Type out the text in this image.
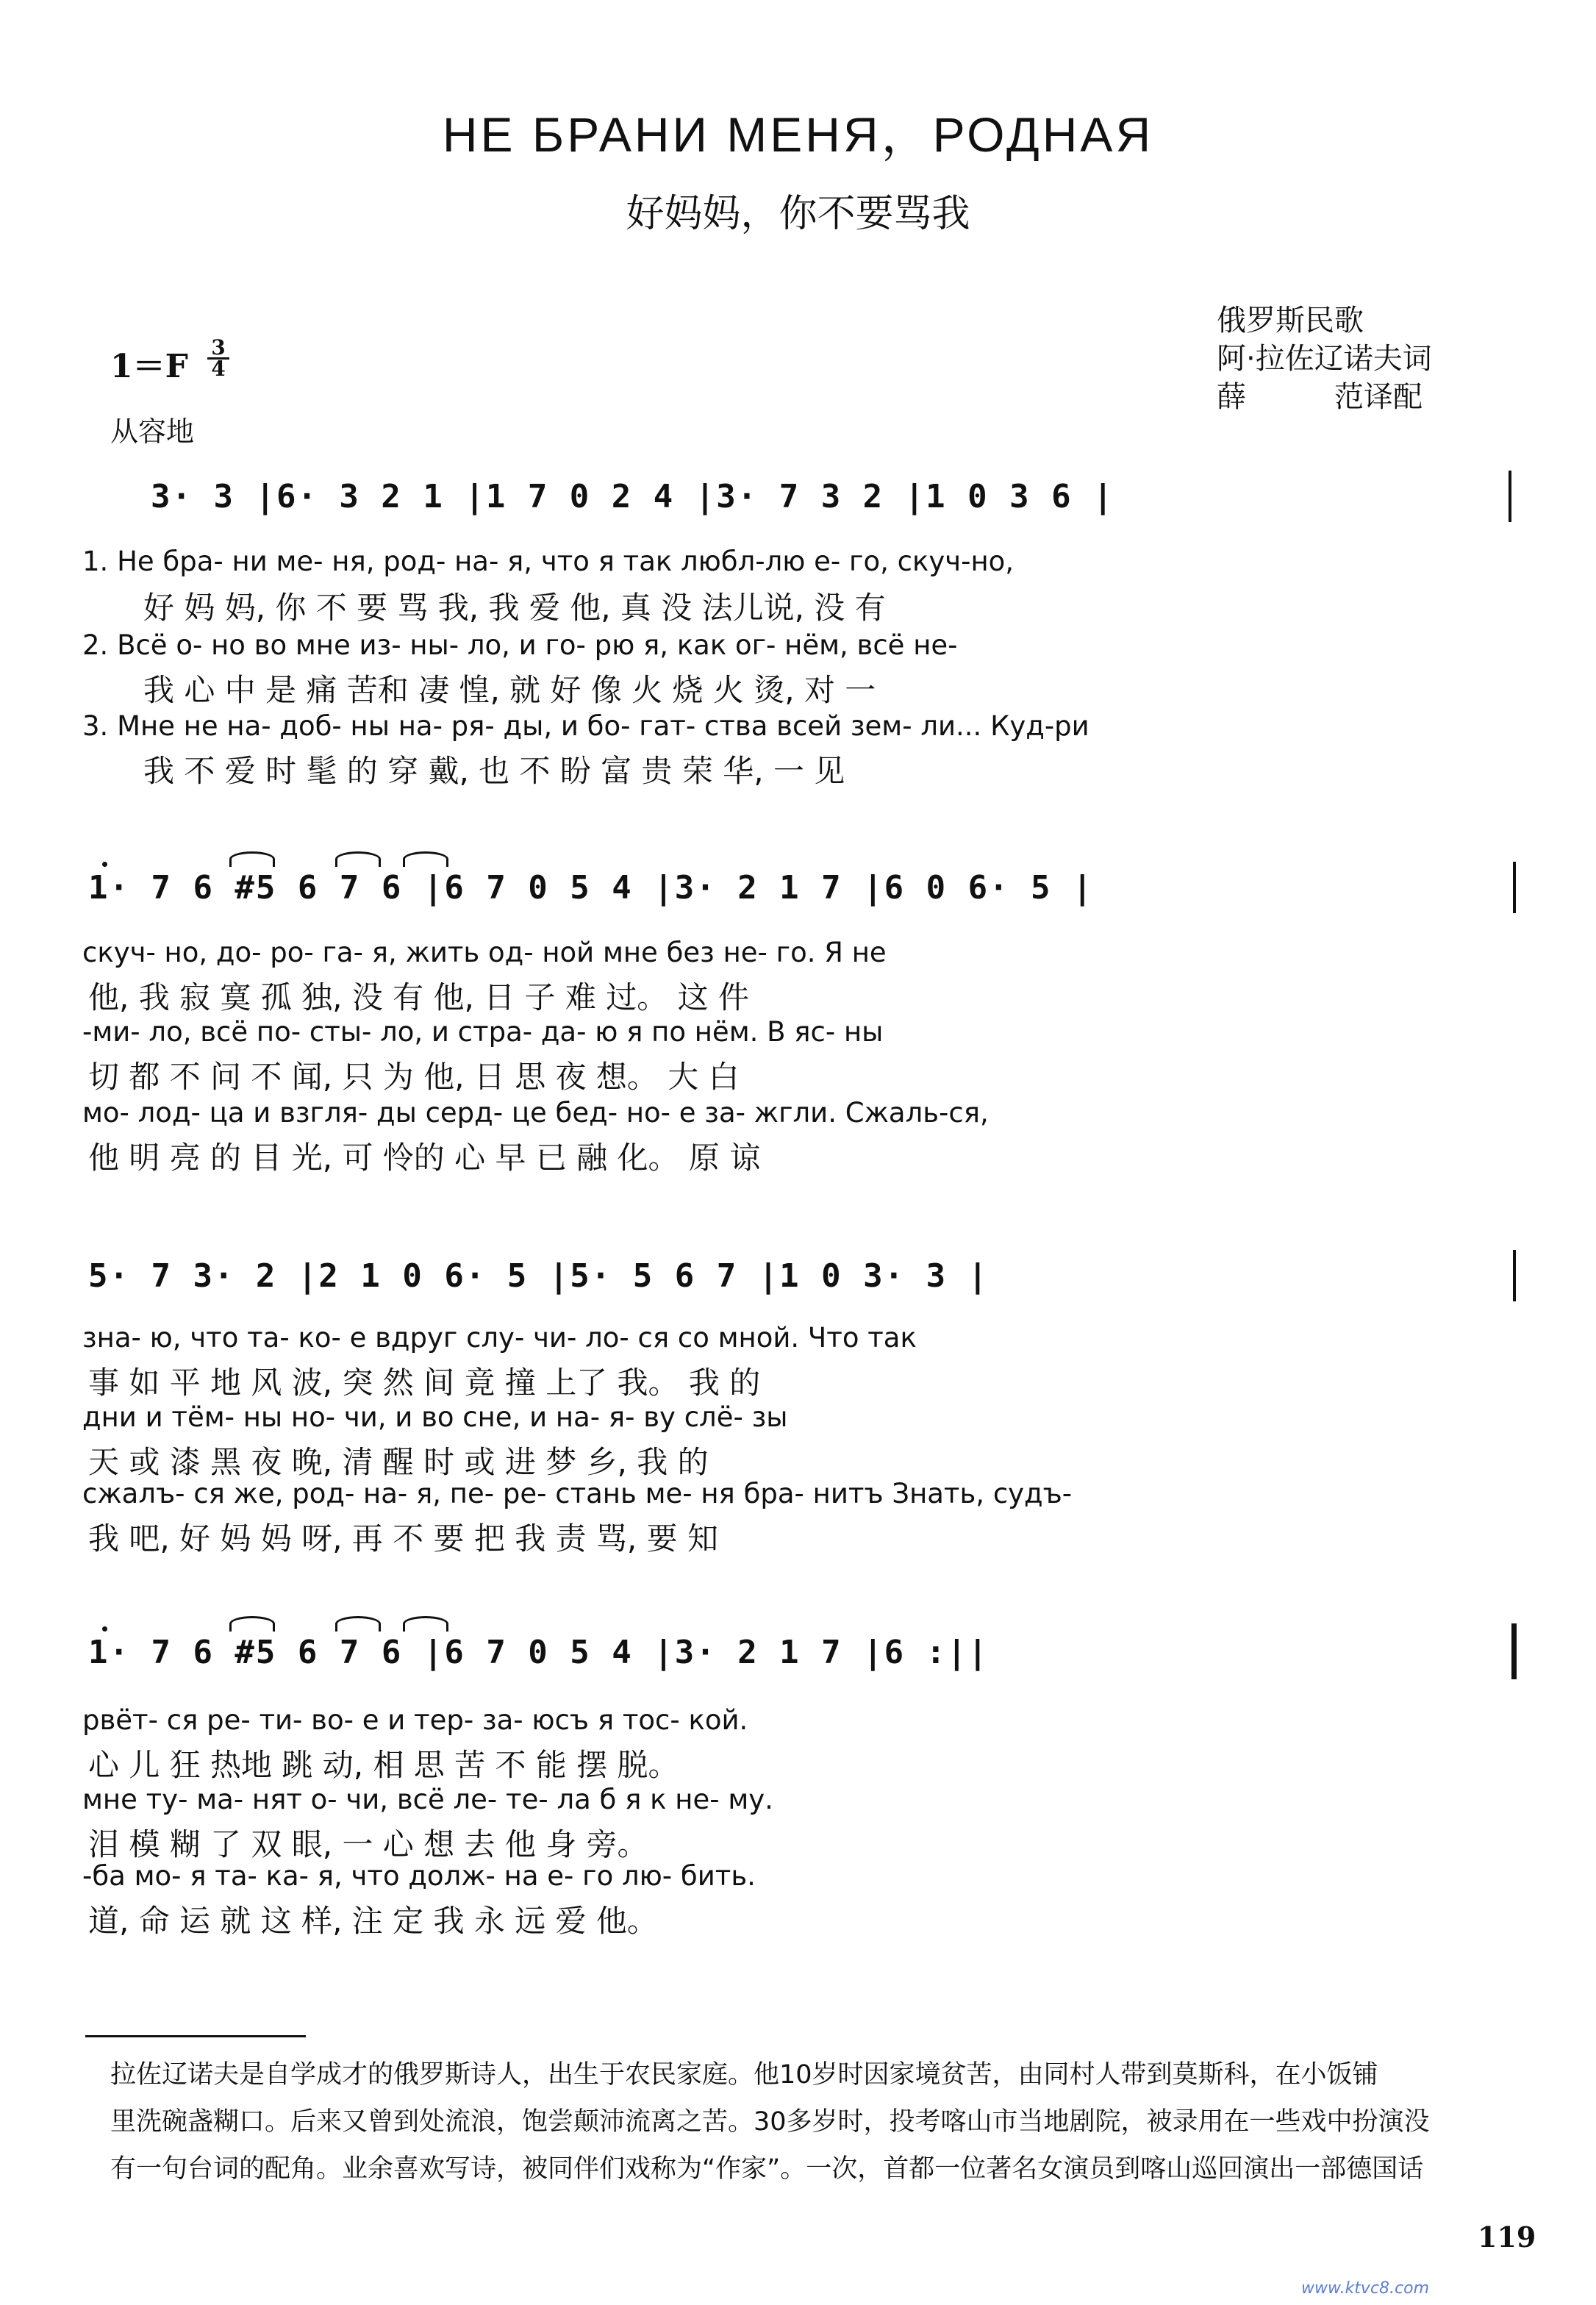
НЕ БРАНИ МЕНЯ，РОДНАЯ
好妈妈，你不要骂我
俄罗斯民歌
阿·拉佐辽诺夫词
薛　　　范译配
1＝F
3
4
从容地
3· 3 |6· 3 2 1 |1 7 0 2 4 |3· 7 3 2 |1 0 3 6 |
1. Не бра- ни ме- ня, род- на- я, что я так любл-лю е- го, скуч-но,
好 妈 妈, 你 不 要 骂 我, 我 爱 他, 真 没 法儿说, 没 有
2. Всё о- но во мне из- ны- ло, и го- рю я, как ог- нём, всё не-
我 心 中 是 痛 苦和 凄 惶, 就 好 像 火 烧 火 烫, 对 一
3. Мне не на- доб- ны на- ря- ды, и бо- гат- ства всей зем- ли... Куд-ри
我 不 爱 时 髦 的 穿 戴, 也 不 盼 富 贵 荣 华, 一 见
1· 7 6 #5 6 7 6 |6 7 0 5 4 |3· 2 1 7 |6 0 6· 5 |
скуч- но, до- ро- га- я, жить од- ной мне без не- го. Я не
他, 我 寂 寞 孤 独, 没 有 他, 日 子 难 过。 这 件
-ми- ло, всё по- сты- ло, и стра- да- ю я по нём. В яс- ны
切 都 不 问 不 闻, 只 为 他, 日 思 夜 想。 大 白
мо- лод- ца и взгля- ды серд- це бед- но- е за- жгли. Сжаль-ся,
他 明 亮 的 目 光, 可 怜的 心 早 已 融 化。 原 谅
5· 7 3· 2 |2 1 0 6· 5 |5· 5 6 7 |1 0 3· 3 |
зна- ю, что та- ко- е вдруг слу- чи- ло- ся со мной. Что так
事 如 平 地 风 波, 突 然 间 竟 撞 上了 我。 我 的
дни и тём- ны но- чи, и во сне, и на- я- ву слё- зы
天 或 漆 黑 夜 晚, 清 醒 时 或 进 梦 乡, 我 的
сжалъ- ся же, род- на- я, пе- ре- стань ме- ня бра- нитъ Знать, судъ-
我 吧, 好 妈 妈 呀, 再 不 要 把 我 责 骂, 要 知
1· 7 6 #5 6 7 6 |6 7 0 5 4 |3· 2 1 7 |6 :||
рвёт- ся ре- ти- во- е и тер- за- юсъ я тос- кой.
心 儿 狂 热地 跳 动, 相 思 苦 不 能 摆 脱。
мне ту- ма- нят о- чи, всё ле- те- ла б я к не- му.
泪 模 糊 了 双 眼, 一 心 想 去 他 身 旁。
-ба мо- я та- ка- я, что долж- на е- го лю- бить.
道, 命 运 就 这 样, 注 定 我 永 远 爱 他。

拉佐辽诺夫是自学成才的俄罗斯诗人，出生于农民家庭。他10岁时因家境贫苦，由同村人带到莫斯科，在小饭铺

里洗碗盏糊口。后来又曾到处流浪，饱尝颠沛流离之苦。30多岁时，投考喀山市当地剧院，被录用在一些戏中扮演没

有一句台词的配角。业余喜欢写诗，被同伴们戏称为“作家”。一次，首都一位著名女演员到喀山巡回演出一部德国话

119
www.ktvc8.com
